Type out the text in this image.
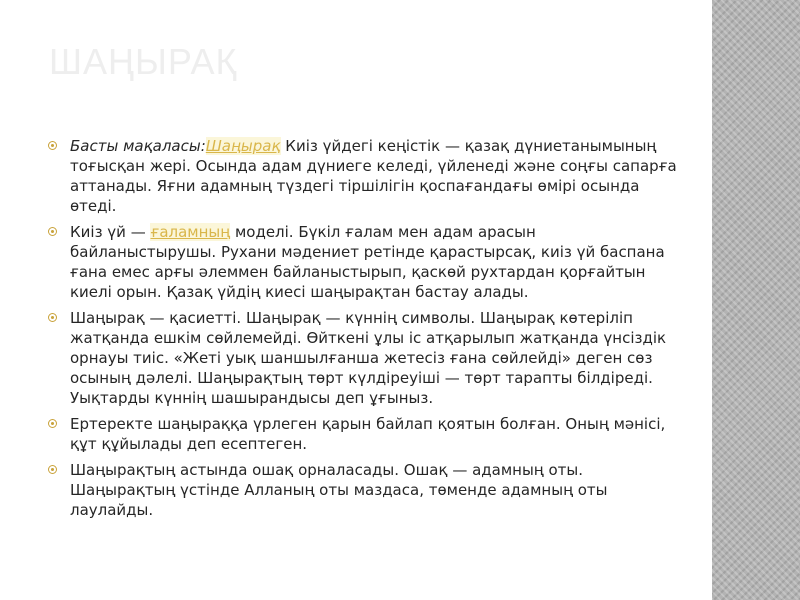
ШАҢЫРАҚ
Басты мақаласы:Шаңырақ Киіз үйдегі кеңістік — қазақ дүниетанымының тоғысқан жері. Осында адам дүниеге келеді, үйленеді және соңғы сапарға аттанады. Яғни адамның түздегі тіршілігін қоспағандағы өмірі осында өтеді.
Киіз үй — ғаламның моделі. Бүкіл ғалам мен адам арасын байланыстырушы. Рухани мәдениет ретінде қарастырсақ, киіз үй баспана ғана емес арғы әлеммен байланыстырып, қаскөй рухтардан қорғайтын киелі орын. Қазақ үйдің киесі шаңырақтан бастау алады.
Шаңырақ — қасиетті. Шаңырақ — күннің символы. Шаңырақ көтеріліп жатқанда ешкім сөйлемейді. Өйткені ұлы іс атқарылып жатқанда үнсіздік орнауы тиіс. «Жеті уық шаншылғанша жетесіз ғана сөйлейді» деген сөз осының дәлелі. Шаңырақтың төрт күлдіреуіші — төрт тарапты білдіреді. Уықтарды күннің шашырандысы деп ұғыныз.
Ертеректе шаңыраққа үрлеген қарын байлап қоятын болған. Оның мәнісі, құт құйылады деп есептеген.
Шаңырақтың астында ошақ орналасады. Ошақ — адамның оты. Шаңырақтың үстінде Алланың оты маздаса, төменде адамның оты лаулайды.
